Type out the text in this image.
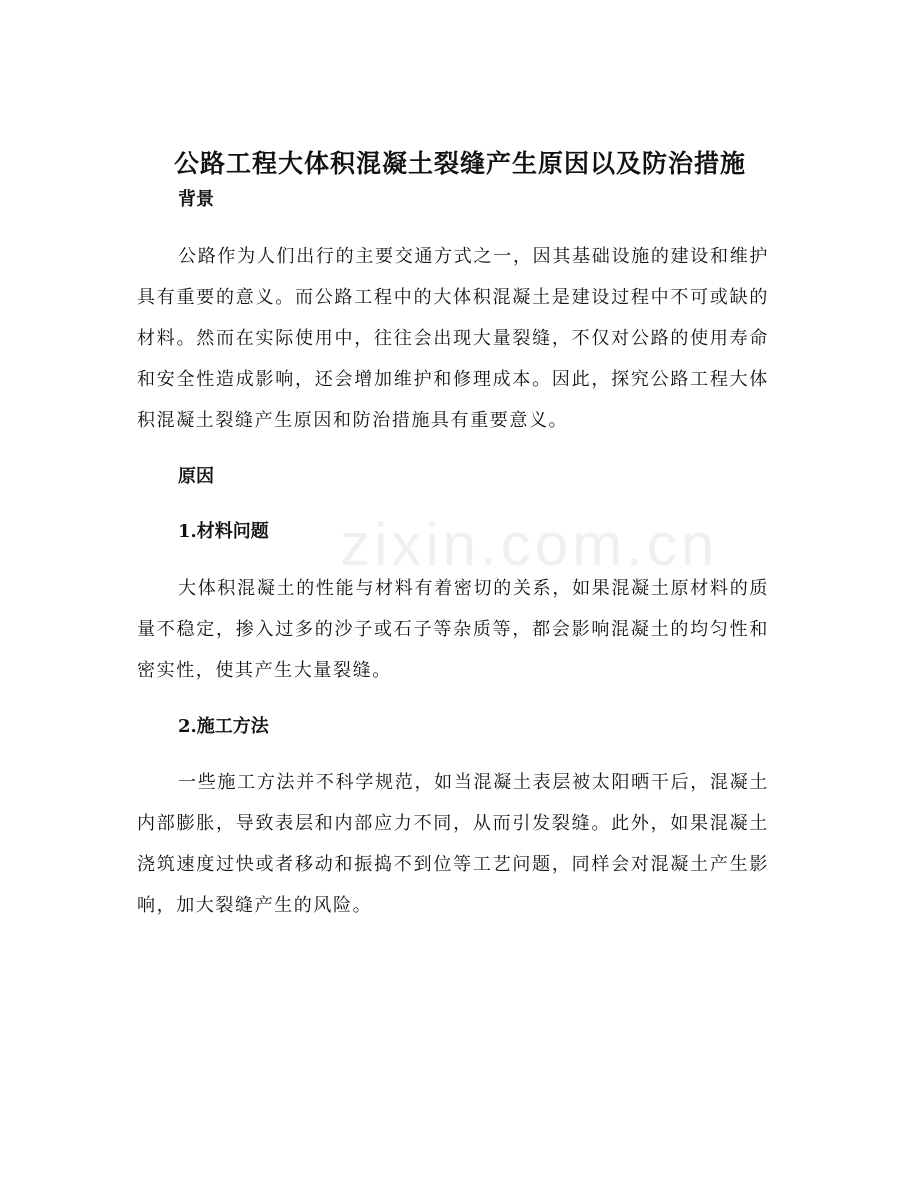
zixin.com.cn
公路工程大体积混凝土裂缝产生原因以及防治措施
背景

公路作为人们出行的主要交通方式之一，因其基础设施的建设和维护具有重要的意义。而公路工程中的大体积混凝土是建设过程中不可或缺的材料。然而在实际使用中，往往会出现大量裂缝，不仅对公路的使用寿命和安全性造成影响，还会增加维护和修理成本。因此，探究公路工程大体积混凝土裂缝产生原因和防治措施具有重要意义。

原因
1.材料问题

大体积混凝土的性能与材料有着密切的关系，如果混凝土原材料的质量不稳定，掺入过多的沙子或石子等杂质等，都会影响混凝土的均匀性和密实性，使其产生大量裂缝。

2.施工方法

一些施工方法并不科学规范，如当混凝土表层被太阳晒干后，混凝土内部膨胀，导致表层和内部应力不同，从而引发裂缝。此外，如果混凝土浇筑速度过快或者移动和振捣不到位等工艺问题，同样会对混凝土产生影响，加大裂缝产生的风险。
